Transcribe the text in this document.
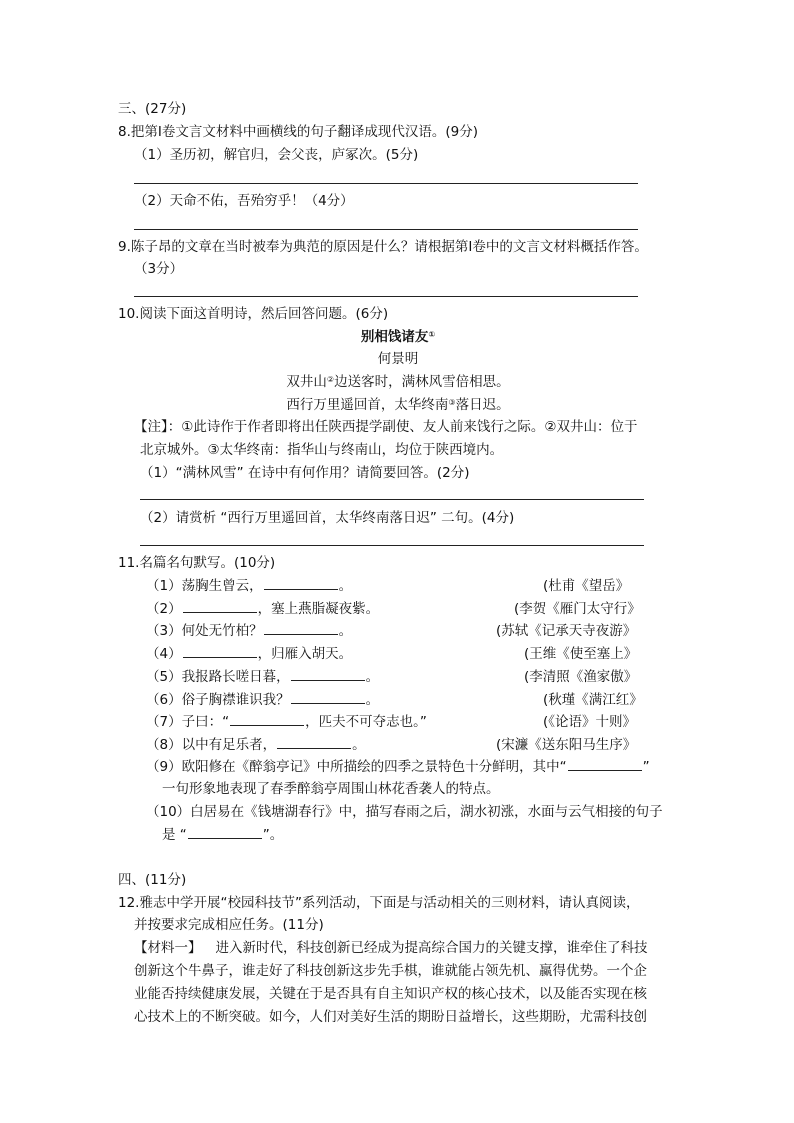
三、(27分)
8.把第Ⅰ卷文言文材料中画横线的句子翻译成现代汉语。(9分)
（1）圣历初，解官归，会父丧，庐冢次。(5分)
（2）天命不佑，吾殆穷乎！（4分）
9.陈子昂的文章在当时被奉为典范的原因是什么？请根据第Ⅰ卷中的文言文材料概括作答。
（3分）
10.阅读下面这首明诗，然后回答问题。(6分)
别相饯诸友①
何景明
双井山②边送客时，满林风雪倍相思。
西行万里遥回首，太华终南③落日迟。
【注】：①此诗作于作者即将出任陕西提学副使、友人前来饯行之际。②双井山：位于
北京城外。③太华终南：指华山与终南山，均位于陕西境内。
（1）“满林风雪” 在诗中有何作用？请简要回答。(2分)
（2）请赏析 “西行万里遥回首，太华终南落日迟” 二句。(4分)
11.名篇名句默写。(10分)
（1）荡胸生曾云，	。	(杜甫《望岳》
（2）	，塞上燕脂凝夜紫。	(李贺《雁门太守行》
（3）何处无竹柏？	。	(苏轼《记承天寺夜游》
（4）	，归雁入胡天。	(王维《使至塞上》
（5）我报路长嗟日暮，	。	(李清照《渔家傲》
（6）俗子胸襟谁识我？	。	(秋瑾《满江红》
（7）子曰：“	，匹夫不可夺志也。”	(《论语》十则》
（8）以中有足乐者，	。	(宋濂《送东阳马生序》
（9）欧阳修在《醉翁亭记》中所描绘的四季之景特色十分鲜明，其中“	”
一句形象地表现了春季醉翁亭周围山林花香袭人的特点。
（10）白居易在《钱塘湖春行》中，描写春雨之后，湖水初涨，水面与云气相接的句子
是 “	”。
四、(11分)
12.雅志中学开展“校园科技节”系列活动，下面是与活动相关的三则材料，请认真阅读，
并按要求完成相应任务。(11分)
【材料一】 进入新时代，科技创新已经成为提高综合国力的关键支撑，谁牵住了科技
创新这个牛鼻子，谁走好了科技创新这步先手棋，谁就能占领先机、赢得优势。一个企
业能否持续健康发展，关键在于是否具有自主知识产权的核心技术，以及能否实现在核
心技术上的不断突破。如今，人们对美好生活的期盼日益增长，这些期盼，尤需科技创
